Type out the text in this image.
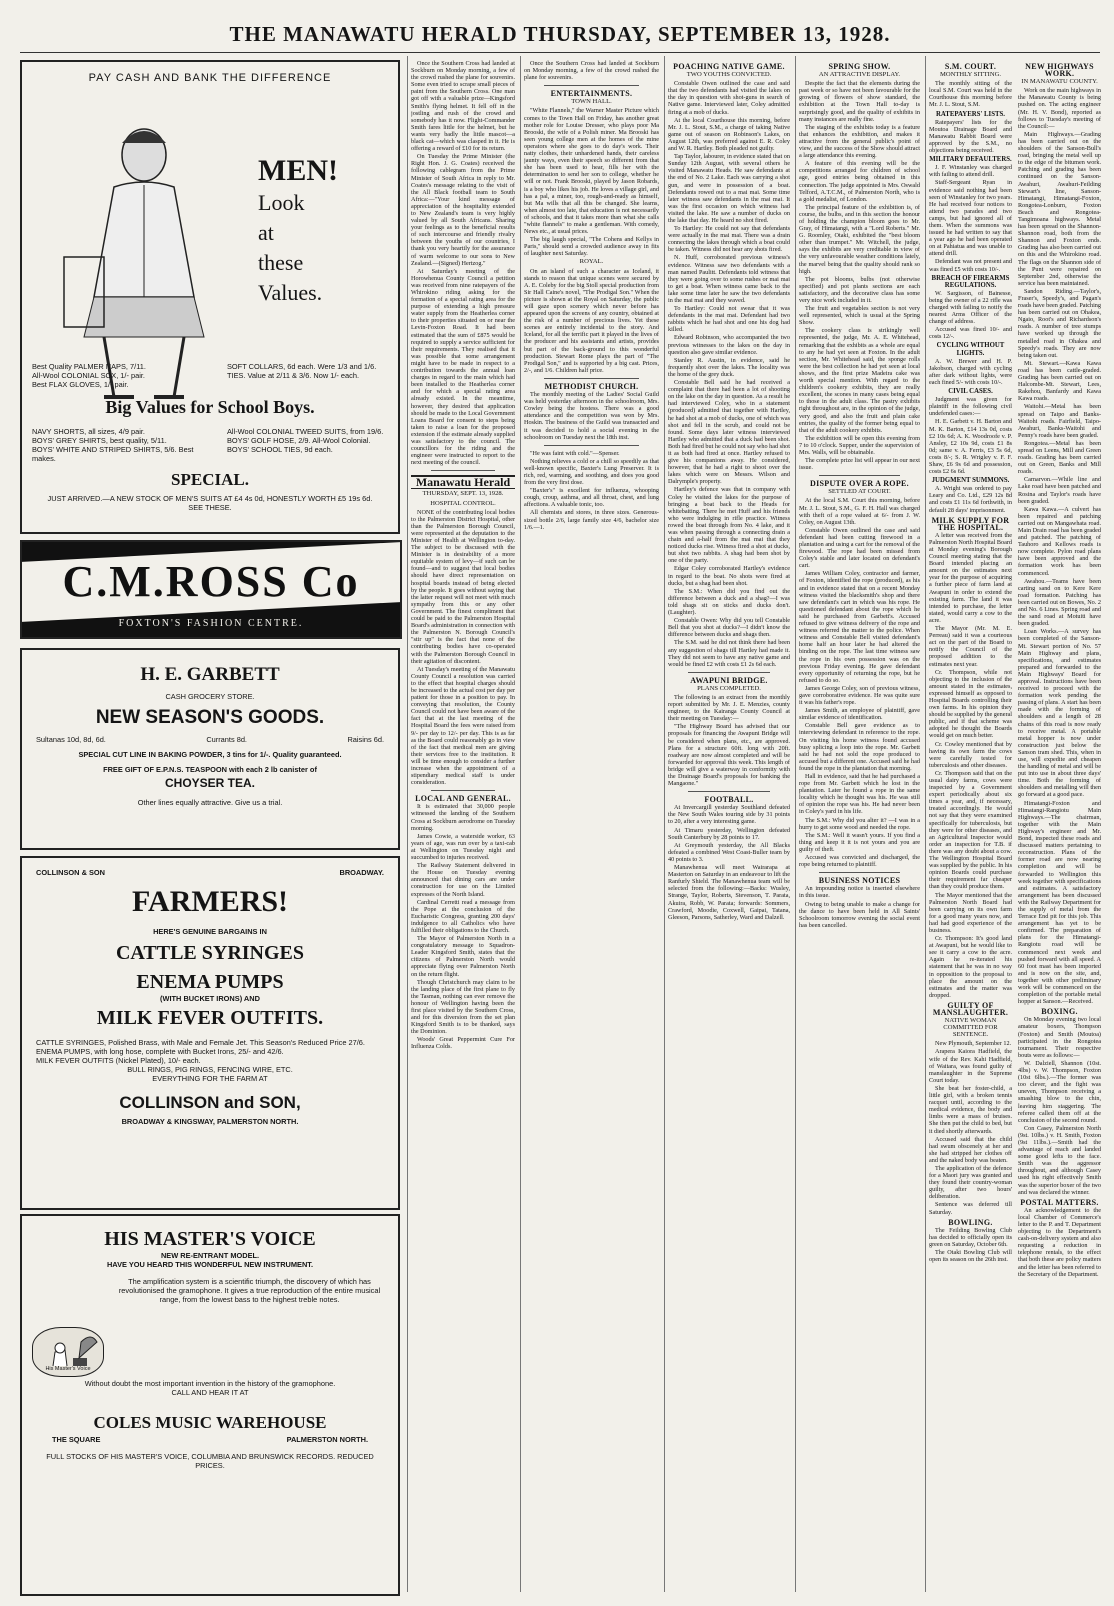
THE MANAWATU HERALD THURSDAY, SEPTEMBER 13, 1928.
PAY CASH AND BANK THE DIFFERENCE
MEN!
Look
at
these
Values.
Best Quality PALMER NAPS, 7/11.
All-Wool COLONIAL SOX, 1/- pair.
Best FLAX GLOVES, 1/- pair.
SOFT COLLARS, 6d each. Were 1/3 and 1/6.
TIES. Value at 2/11 & 3/6. Now 1/- each.
Big Values for School Boys.
NAVY SHORTS, all sizes, 4/9 pair.
BOYS' GREY SHIRTS, best quality, 5/11.
BOYS' WHITE AND STRIPED SHIRTS, 5/6. Best makes.
All-Wool COLONIAL TWEED SUITS, from 19/6.
BOYS' GOLF HOSE, 2/9. All-Wool Colonial.
BOYS' SCHOOL TIES, 9d each.
SPECIAL.
JUST ARRIVED.—A NEW STOCK OF MEN'S SUITS AT £4 4s 0d, HONESTLY WORTH £5 19s 6d. SEE THESE.
C.M.ROSS Co
FOXTON'S FASHION CENTRE.
H. E. GARBETT
CASH GROCERY STORE.
NEW SEASON'S GOODS.
Sultanas 10d, 8d, 6d.	Currants 8d.	Raisins 6d.
SPECIAL CUT LINE IN BAKING POWDER, 3 tins for 1/-. Quality guaranteed.
FREE GIFT OF E.P.N.S. TEASPOON with each 2 lb canister of
CHOYSER TEA.
Other lines equally attractive. Give us a trial.
COLLINSON & SON	BROADWAY.
FARMERS!
HERE'S GENUINE BARGAINS IN
CATTLE SYRINGES
ENEMA PUMPS
(WITH BUCKET IRONS) AND
MILK FEVER OUTFITS.
CATTLE SYRINGES, Polished Brass, with Male and Female Jet. This Season's Reduced Price 27/6.
ENEMA PUMPS, with long hose, complete with Bucket Irons, 25/- and 42/6.
MILK FEVER OUTFITS (Nickel Plated), 10/- each.
BULL RINGS, PIG RINGS, FENCING WIRE, ETC.
EVERYTHING FOR THE FARM AT
COLLINSON and SON,
BROADWAY & KINGSWAY, PALMERSTON NORTH.
HIS MASTER'S VOICE
NEW RE-ENTRANT MODEL.
HAVE YOU HEARD THIS WONDERFUL NEW INSTRUMENT.
His Master's Voice
The amplification system is a scientific triumph, the discovery of which has revolutionised the gramophone. It gives a true reproduction of the entire musical range, from the lowest bass to the highest treble notes.
Without doubt the most important invention in the history of the gramophone.
CALL AND HEAR IT AT
COLES MUSIC WAREHOUSE
THE SQUARE	PALMERSTON NORTH.
FULL STOCKS OF HIS MASTER'S VOICE, COLUMBIA AND BRUNSWICK RECORDS. REDUCED PRICES.

Once the Southern Cross had landed at Sockburn on Monday morning, a few of the crowd rushed the plane for souvenirs. Some even tried to scrape small pieces of paint from the Southern Cross. One man got off with a valuable prize—Kingsford Smith's flying helmet. It fell off in the jostling and rush of the crowd and somebody has it now. Flight-Commander Smith fares little for the helmet, but he wants very badly the little mascot—a black cat—which was clasped in it. He is offering a reward of £10 for its return.

On Tuesday the Prime Minister (the Right Hon. J. G. Coates) received the following cablegram from the Prime Minister of South Africa in reply to Mr. Coates's message relating to the visit of the All Black football team to South Africa:—"Your kind message of appreciation of the hospitality extended to New Zealand's team is very highly valued by all South Africans. Sharing your feelings as to the beneficial results of such intercourse and friendly rivalry between the youths of our countries, I thank you very heartily for the assurance of warm welcome to our sons to New Zealand.—(Signed) Hertzog."

At Saturday's meeting of the Horowhenua County Council a petition was received from nine ratepayers of the Whirokino riding asking for the formation of a special rating area for the purpose of extending a high pressure water supply from the Heatherlea corner to their properties situated on or near the Levin-Foxton Road. It had been estimated that the sum of £875 would be required to supply a service sufficient for their requirements. They realised that it was possible that some arrangement might have to be made in respect to a contribution towards the annual loan charges in regard to the main which had been installed to the Heatherlea corner and for which a special rating area already existed. In the meantime, however, they desired that application should be made to the Local Government Loans Board for consent to steps being taken to raise a loan for the proposed extension if the estimate already supplied was satisfactory to the council. The councillors for the riding and the engineer were instructed to report to the next meeting of the council.

Manawatu Herald
THURSDAY, SEPT. 13, 1928.
HOSPITAL CONTROL.

NONE of the contributing local bodies to the Palmerston District Hospital, other than the Palmerston Borough Council, were represented at the deputation to the Minister of Health at Wellington to-day. The subject to be discussed with the Minister is in desirability of a more equitable system of levy—if such can be found—and to suggest that local bodies should have direct representation on hospital boards instead of being elected by the people. It goes without saying that the latter request will not meet with much sympathy from this or any other Government. The finest compliment that could be paid to the Palmerston Hospital Board's administration in connection with the Palmerston N. Borough Council's "stir up" is the fact that none of the contributing bodies have co-operated with the Palmerston Borough Council in their agitation of discontent.

At Tuesday's meeting of the Manawatu County Council a resolution was carried to the effect that hospital charges should be increased to the actual cost per day per patient for those in a position to pay. In conveying that resolution, the County Council could not have been aware of the fact that at the last meeting of the Hospital Board the fees were raised from 9/- per day to 12/- per day. This is as far as the Board could reasonably go in view of the fact that medical men are giving their services free to the institution. It will be time enough to consider a further increase when the appointment of a stipendiary medical staff is under consideration.

LOCAL AND GENERAL.

It is estimated that 30,000 people witnessed the landing of the Southern Cross at Sockburn aerodrome on Tuesday morning.

James Cowie, a waterside worker, 63 years of age, was run over by a taxi-cab at Wellington on Tuesday night and succumbed to injuries received.

The Railway Statement delivered in the House on Tuesday evening announced that dining cars are under construction for use on the Limited expresses of the North Island.

Cardinal Cerretti read a message from the Pope at the conclusion of the Eucharistic Congress, granting 200 days' indulgence to all Catholics who have fulfilled their obligations to the Church.

The Mayor of Palmerston North in a congratulatory message to Squadron-Leader Kingsford Smith, states that the citizens of Palmerston North would appreciate flying over Palmerston North on the return flight.

Though Christchurch may claim to be the landing place of the first plane to fly the Tasman, nothing can ever remove the honour of Wellington having been the first place visited by the Southern Cross, and for this diversion from the set plan Kingsford Smith is to be thanked, says the Dominion.

Woods' Great Peppermint Cure For Influenza Colds.

Once the Southern Cross had landed at Sockburn on Monday morning, a few of the crowd rushed the plane for souvenirs.

ENTERTAINMENTS.
TOWN HALL.

"White Flannels," the Warner Master Picture which comes to the Town Hall on Friday, has another great mother role for Louise Dresser, who plays poor Ma Brooski, the wife of a Polish miner. Ma Brooski has seen young college men at the homes of the mine operators where she goes to do day's work. Their natty clothes, their unhardened hands, their careless jaunty ways, even their speech so different from that she has been used to hear, fills her with the determination to send her son to college, whether he will or not. Frank Brooski, played by Jason Robards, is a boy who likes his job. He loves a village girl, and has a pal, a miner, too, rough-and-ready as himself, but Ma wills that all this be changed. She learns, when almost too late, that education is not necessarily of schools, and that it takes more than what she calls "white flannels" to make a gentleman. With comedy, News etc., at usual prices.

The big laugh special, "The Cohens and Kellys in Paris," should send a crowded audience away in fits of laughter next Saturday.

ROYAL.

On an island of such a character as Iceland, it stands to reason that unique scenes were secured by A. E. Coleby for the big Stoll special production from Sir Hall Caine's novel, "The Prodigal Son." When the picture is shown at the Royal on Saturday, the public will gaze upon scenery which never before has appeared upon the screens of any country, obtained at the risk of a number of precious lives. Yet these scenes are entirely incidental to the story. And Iceland, for all the terrific part it played in the lives of the producer and his assistants and artists, provides but part of the back-ground to this wonderful production. Stewart Rome plays the part of "The Prodigal Son," and is supported by a big cast. Prices, 2/-, and 1/6. Children half price.

METHODIST CHURCH.

The monthly meeting of the Ladies' Social Guild was held yesterday afternoon in the schoolroom, Mrs. Cowley being the hostess. There was a good attendance and the competition was won by Mrs. Hoskin. The business of the Guild was transacted and it was decided to hold a social evening in the schoolroom on Tuesday next the 18th inst.

"He was faint with cold."—Spenser.

Nothing relieves a cold or a chill so speedily as that well-known specific, Baxter's Lung Preserver. It is rich, red, warming, and soothing, and does you good from the very first dose.

"Baxter's" is excellent for influenza, whooping cough, croup, asthma, and all throat, chest, and lung affections. A valuable tonic, too.

All chemists and stores, in three sizes. Generous-sized bottle 2/6, large family size 4/6, bachelor size 1/6.—1.

POACHING NATIVE GAME.
TWO YOUTHS CONVICTED.

Constable Owen outlined the case and said that the two defendants had visited the lakes on the day in question with shot-guns in search of Native game. Interviewed later, Coley admitted firing at a mob of ducks.

At the local Courthouse this morning, before Mr. J. L. Stout, S.M., a charge of taking Native game out of season on Robinson's Lakes, on August 12th, was preferred against E. R. Coley and W. R. Hartley. Both pleaded not guilty.

Tap Taylor, labourer, in evidence stated that on Sunday 12th August, with several others he visited Manawatu Heads. He saw defendants at the end of No. 2 Lake. Each was carrying a shot gun, and were in possession of a boat. Defendants rowed out to a mai mai. Some time later witness saw defendants in the mai mai. It was the first occasion on which witness had visited the lake. He saw a number of ducks on the lake that day. He heard no shot fired.

To Hartley: He could not say that defendants were actually in the mai mai. There was a drain connecting the lakes through which a boat could be taken. Witness did not hear any shots fired.

N. Huff, corroborated previous witness's evidence. Witness saw two defendants with a man named Paulitt. Defendants told witness that they were going over to some rushes or mai mai to get a boat. When witness came back to the lake some time later he saw the two defendants in the mai mai and they waved.

To Hartley: Could not swear that it was defendants in the mai mai. Defendant had two rabbits which he had shot and one his dog had killed.

Edward Robinson, who accompanied the two previous witnesses to the lakes on the day in question also gave similar evidence.

Stanley R. Austin, in evidence, said he frequently shot over the lakes. The locality was the home of the grey duck.

Constable Bell said he had received a complaint that there had been a lot of shooting on the lake on the day in question. As a result he had interviewed Coley, who in a statement (produced) admitted that together with Hartley, he had shot at a mob of ducks, one of which was shot and fell in the scrub, and could not be found. Some days later witness interviewed Hartley who admitted that a duck had been shot. Both had fired but he could not say who had shot it as both had fired at once. Hartley refused to give his companions away. He considered, however, that he had a right to shoot over the lakes which were on Messrs. Wilson and Dalrymple's property.

Hartley's defence was that in company with Coley he visited the lakes for the purpose of bringing a boat back to the Heads for whitebaiting. There he met Huff and his friends who were indulging in rifle practice. Witness rowed the boat through from No. 4 lake, and it was when passing through a connecting drain a chain and a-half from the mai mai that they noticed ducks rise. Witness fired a shot at ducks, but shot two rabbits. A shag had been shot by one of the party.

Edgar Coley corroborated Hartley's evidence in regard to the boat. No shots were fired at ducks, but a shag had been shot.

The S.M.: When did you find out the difference between a duck and a shag?—I was told shags sit on sticks and ducks don't. (Laughter).

Constable Owen: Why did you tell Constable Bell that you shot at ducks?—I didn't know the difference between ducks and shags then.

The S.M. said he did not think there had been any suggestion of shags till Hartley had made it. They did not seem to have any native game and would be fined £2 with costs £1 2s 6d each.

AWAPUNI BRIDGE.
PLANS COMPLETED.

The following is an extract from the monthly report submitted by Mr. J. E. Menzies, county engineer, to the Kairanga County Council at their meeting on Tuesday:—

"The Highway Board has advised that our proposals for financing the Awapuni Bridge will be considered when plans, etc., are approved. Plans for a structure 60ft. long with 20ft. roadway are now almost completed and will be forwarded for approval this week. This length of bridge will give a waterway in conformity with the Drainage Board's proposals for banking the Mangaone."

FOOTBALL.

At Invercargill yesterday Southland defeated the New South Wales touring side by 31 points to 20, after a very interesting game.

At Timaru yesterday, Wellington defeated South Canterbury by 28 points to 17.

At Greymouth yesterday, the All Blacks defeated a combined West Coast-Buller team by 40 points to 3.

Manawhenua will meet Wairarapa at Masterton on Saturday in an endeavour to lift the Ranfurly Shield. The Manawhenua team will be selected from the following:—Backs: Wusley, Strange, Taylor, Roberts, Stevenson, T. Parata, Akuira, Robb, W. Parata; forwards: Sommers, Crawford, Moodie, Coxwell, Gaipai, Tatana, Gleeson, Parsons, Satherley, Ward and Dalzell.

SPRING SHOW.
AN ATTRACTIVE DISPLAY.

Despite the fact that the elements during the past week or so have not been favourable for the growing of flowers of show standard, the exhibition at the Town Hall to-day is surprisingly good, and the quality of exhibits in many instances are really fine.

The staging of the exhibits today is a feature that enhances the exhibition, and makes it attractive from the general public's point of view, and the success of the Show should attract a large attendance this evening.

A feature of this evening will be the competitions arranged for children of school age, good entries being obtained in this connection. The judge appointed is Mrs. Oswald Telford, A.T.C.M., of Palmerston North, who is a gold medalist, of London.

The principal feature of the exhibition is, of course, the bulbs, and in this section the honour of holding the champion bloom goes to Mr. Gray, of Himatangi, with a "Lord Roberts." Mr. G. Roomley, Otaki, exhibited the "best bloom other than trumpet." Mr. Witchell, the judge, says the exhibits are very creditable in view of the very unfavourable weather conditions lately, the marvel being that the quality should rank so high.

The pot blooms, bulbs (not otherwise specified) and pot plants sections are each satisfactory, and the decorative class has some very nice work included in it.

The fruit and vegetables section is not very well represented, which is usual at the Spring Show.

The cookery class is strikingly well represented, the judge, Mr. A. E. Whitehead, remarking that the exhibits as a whole are equal to any he had yet seen at Foxton. In the adult section, Mr. Whitehead said, the sponge rolls were the best collection he had yet seen at local shows, and the first prize Madeira cake was worth special mention. With regard to the children's cookery exhibits, they are really excellent, the scones in many cases being equal to those in the adult class. The pastry exhibits right throughout are, in the opinion of the judge, very good, and also the fruit and plain cake entries, the quality of the former being equal to that of the adult cookery exhibits.

The exhibition will be open this evening from 7 to 10 o'clock. Supper, under the supervision of Mrs. Walls, will be obtainable.

The complete prize list will appear in our next issue.

DISPUTE OVER A ROPE.
SETTLED AT COURT.

At the local S.M. Court this morning, before Mr. J. L. Stout, S.M., G. F. H. Hall was charged with theft of a rope valued at 6/- from J. W. Coley, on August 13th.

Constable Owen outlined the case and said defendant had been cutting firewood in a plantation and using a cart for the removal of the firewood. The rope had been missed from Coley's stable and later located on defendant's cart.

James William Coley, contractor and farmer, of Foxton, identified the rope (produced), as his and in evidence stated that on a recent Monday witness visited the blacksmith's shop and there saw defendant's cart in which was his rope. He questioned defendant about the rope which he said he purchased from Garbett's. Accused refused to give witness delivery of the rope and witness referred the matter to the police. When witness and Constable Bell visited defendant's home half an hour later he had altered the binding on the rope. The last time witness saw the rope in his own possession was on the previous Friday evening. He gave defendant every opportunity of returning the rope, but he refused to do so.

James George Coley, son of previous witness, gave corroborative evidence. He was quite sure it was his father's rope.

James Smith, an employee of plaintiff, gave similar evidence of identification.

Constable Bell gave evidence as to interviewing defendant in reference to the rope. On visiting his home witness found accused busy splicing a loop into the rope. Mr. Garbett said he had not sold the rope produced to accused but a different one. Accused said he had found the rope in the plantation that morning.

Hall in evidence, said that he had purchased a rope from Mr. Garbett which he lost in the plantation. Later he found a rope in the same locality which he thought was his. He was still of opinion the rope was his. He had never been in Coley's yard in his life.

The S.M.: Why did you alter it? —I was in a hurry to get some wood and needed the rope.

The S.M.: Well it wasn't yours. If you find a thing and keep it it is not yours and you are guilty of theft.

Accused was convicted and discharged, the rope being returned to plaintiff.

BUSINESS NOTICES

An impounding notice is inserted elsewhere in this issue.

Owing to being unable to make a change for the dance to have been held in All Saints' Schoolroom tomorrow evening the social event has been cancelled.

S.M. COURT.
MONTHLY SITTING.

The monthly sitting of the local S.M. Court was held in the Courthouse this morning before Mr. J. L. Stout, S.M.

RATEPAYERS' LISTS.

Ratepayers' lists for the Moutoa Drainage Board and Manawatu Rabbit Board were approved by the S.M., no objections being received.

MILITARY DEFAULTERS.

J. F. Winstanley was charged with failing to attend drill.

Staff-Sergeant Ryan in evidence said nothing had been seen of Winstanley for two years. He had received four notices to attend two parades and two camps, but had ignored all of them. When the summons was issued he had written to say that a year ago he had been operated on at Pahiatua and was unable to attend drill.

Defendant was not present and was fined £5 with costs 10/-.

BREACH OF FIREARMS REGULATIONS.

W. Sargisson, of Bainesse, being the owner of a 22 rifle was charged with failing to notify the nearest Arms Officer of the change of address.

Accused was fined 10/- and costs 12/-.

CYCLING WITHOUT LIGHTS.

A. W. Brewer and H. P. Jakobson, charged with cycling after dark without lights, were each fined 5/- with costs 10/-.

CIVIL CASES.

Judgment was given for plaintiff in the following civil undefended cases:—

H. E. Garbett v. H. Barton and M. K. Barton, £14 13s 0d, costs £2 10s 6d; A. K. Woodroofe v. P. Ansley, £2 10s 9d, costs £1 8s 0d; same v. A. Ferris, £3 5s 6d, costs 8/-; S. R. Wrigley v. F. F. Shaw, £6 9s 6d and possession, costs £2 6s 6d.

JUDGMENT SUMMONS.

A. Wright was ordered to pay Leary and Co. Ltd., £29 12s 8d and costs £1 11s 6d forthwith, in default 28 days' imprisonment.

MILK SUPPLY FOR THE HOSPITAL.

A letter was received from the Palmerston North Hospital Board at Monday evening's Borough Council meeting stating that the Board intended placing an amount on the estimates next year for the purpose of acquiring a further piece of farm land at Awapuni in order to extend the existing farm. The land it was intended to purchase, the letter stated, would carry a cow to the acre.

The Mayor (Mr. M. E. Perreau) said it was a courteous act on the part of the Board to notify the Council of the proposed addition to the estimates next year.

Cr. Thompson, while not objecting to the inclusion of the amount stated in the estimates, expressed himself as opposed to Hospital Boards controlling their own farms. In his opinion they should be supplied by the general public, and if that scheme was adopted he thought the Boards would get on much better.

Cr. Cowley mentioned that by having its own farm the cows were carefully tested for tuberculosis and other diseases.

Cr. Thompson said that on the usual dairy farms, cows were inspected by a Government expert periodically about six times a year, and, if necessary, treated accordingly. He would not say that they were examined specifically for tuberculosis, but they were for other diseases, and an Agricultural Inspector would order an inspection for T.B. if there was any doubt about a cow. The Wellington Hospital Board was supplied by the public. In his opinion Boards could purchase their requirement far cheaper than they could produce them.

The Mayor mentioned that the Palmerston North Board had been carrying on its own farm for a good many years now, and had had good experience of the business.

Cr. Thompson: It's good land at Awapuni, but he would like to see it carry a cow to the acre. Again he re-iterated his statement that he was in no way in opposition to the proposal to place the amount on the estimates and the matter was dropped.

GUILTY OF MANSLAUGHTER.
NATIVE WOMAN COMMITTED FOR SENTENCE.

New Plymouth, September 12.

Arapera Kaiora Hadfield, the wife of the Rev. Kahi Hadfield, of Waitara, was found guilty of manslaughter in the Supreme Court today.

She beat her foster-child, a little girl, with a broken tennis racquet until, according to the medical evidence, the body and limbs were a mass of bruises. She then put the child to bed, but it died shortly afterwards.

Accused said that the child had swum obscenely at her and she had stripped her clothes off and the naked body was beaten.

The application of the defence for a Maori jury was granted and they found their country-woman guilty, after two hours' deliberation.

Sentence was deferred till Saturday.

BOWLING.

The Feilding Bowling Club has decided to officially open its green on Saturday, October 6th.

The Otaki Bowling Club will open its season on the 26th inst.

NEW HIGHWAYS WORK.
IN MANAWATU COUNTY.

Work on the main highways in the Manawatu County is being pushed on. The acting engineer (Mr. H. V. Bond), reported as follows to Tuesday's meeting of the Council:—

Main Highways.—Grading has been carried out on the shoulders of the Sanson-Bull's road, bringing the metal well up to the edge of the bitumen work. Patching and grading has been continued on the Sanson-Awahuri, Awahuri-Feilding Stewart's line, Sanson-Himatangi, Himatangi-Foxton, Rongotea-Lonburn, Foxton Beach and Rongotea-Tangimoana highways. Metal has been spread on the Shannon-Shannon road, both from the Shannon and Foxton ends. Grading has also been carried out on this and the Whirokino road. The flags on the Shannon side of the Punt were repaired on September 2nd, otherwise the service has been maintained.

Sandon Riding.—Taylor's, Fraser's, Speedy's, and Pagan's roads have been graded. Patching has been carried out on Ohakea, Ngaio, Root's and Richardson's roads. A number of tree stumps have worked up through the metalled road in Ohakea and Speedy's roads. They are now being taken out.

Mt. Stewart.—Kawa Kawa road has been cattle-graded. Grading has been carried out on Halcombe-Mt. Stewart, Lees, Rakehou, Banfardy and Kawa Kawa roads.

Waitohi.—Metal has been spread on Taipo and Banks-Waitohi roads. Fairfield, Taipo-Awahuri, Banks-Waitohi and Penny's roads have been graded.

Rongotea.—Metal has been spread on Leens, Mill and Green roads. Grading has been carried out on Green, Banks and Mill roads.

Carnarvon.—While line and Lake road have been patched and Rosina and Taylor's roads have been graded.

Kawa Kawa.—A culvert has been repaired and patching carried out on Mangawhata road. Main Drain road has been graded and patched. The patching of Tauhoro and Kellows roads is now complete. Pylon road plans have been approved and the formation work has been commenced.

Awahou.—Teams have been carting sand on to Kere Kere road formation. Patching has been carried out on Bowes, No. 2 and No. 6 Lines. Spring road and the sand road at Motuiti have been graded.

Loan Works.—A survey has been completed of the Sanson-Mt. Stewart portion of No. 57 Main Highway and plans, specifications, and estimates prepared and forwarded to the Main Highways' Board for approval. Instructions have been received to proceed with the formation work pending the passing of plans. A start has been made with the forming of shoulders and a length of 28 chains of this road is now ready to receive metal. A portable metal hopper is now under construction just below the Sanson tram shed. This, when in use, will expedite and cheapen the handling of metal and will be put into use in about three days' time. Both the forming of shoulders and metalling will then go forward at a good pace.

Himatangi-Foxton and Himatangi-Rangiotu Main Highways.—The chairman, together with the Main Highway's engineer and Mr. Bond, inspected these roads and discussed matters pertaining to reconstruction. Plans of the former road are now nearing completion and will be forwarded to Wellington this week together with specifications and estimates. A satisfactory arrangement has been discussed with the Railway Department for the supply of metal from the Terrace End pit for this job. This arrangement has yet to be confirmed. The preparation of plans for the Himatangi-Rangiotu road will be commenced next week and pushed forward with all speed. A 60 foot mast has been imported and is now on the site, and, together with other preliminary work will be commenced on the completion of the portable metal hopper at Sanson.—Received.

BOXING.

On Monday evening two local amateur boxers, Thompson (Foxton) and Smith (Moutoa) participated in the Rongotea tournament. Their respective bouts were as follows:—

W. Dalziell, Shannon (10st. 4lbs) v. W. Thompson, Foxton (10st 6lbs.).—The former was too clever, and the fight was uneven, Thompson receiving a smashing blow to the chin, leaving him staggering. The referee called them off at the conclusion of the second round.

Con Casey, Palmerston North (9st. 10lbs.) v. H. Smith, Foxton (9st 11lbs.).—Smith had the advantage of reach and landed some good lefts to the face. Smith was the aggressor throughout, and although Casey used his right effectively Smith was the superior boxer of the two and was declared the winner.

POSTAL MATTERS.

An acknowledgement to the local Chamber of Commerce's letter to the P. and T. Department objecting to the Department's cash-on-delivery system and also requesting a reduction in telephone rentals, to the effect that both these are policy matters and the letter has been referred to the Secretary of the Department.
